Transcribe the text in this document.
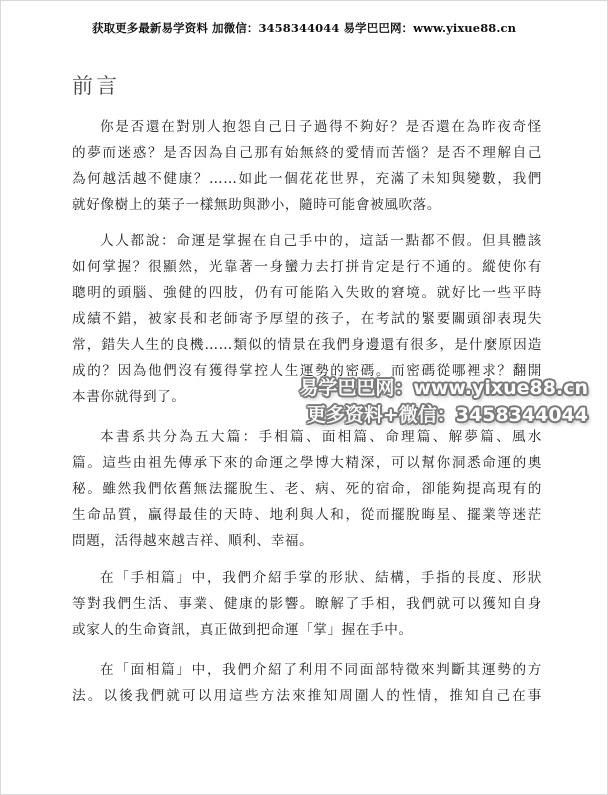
获取更多最新易学资料 加微信：3458344044 易学巴巴网：www.yixue88.cn
前言
你是否還在對別人抱怨自己日子過得不夠好？是否還在為昨夜奇怪
的夢而迷惑？是否因為自己那有始無終的愛情而苦惱？是否不理解自己
為何越活越不健康？……如此一個花花世界，充滿了未知與變數，我們
就好像樹上的葉子一樣無助與渺小，隨時可能會被風吹落。
人人都說：命運是掌握在自己手中的，這話一點都不假。但具體該
如何掌握？很顯然，光靠著一身蠻力去打拼肯定是行不通的。縱使你有
聰明的頭腦、強健的四肢，仍有可能陷入失敗的窘境。就好比一些平時
成績不錯，被家長和老師寄予厚望的孩子，在考試的緊要關頭卻表現失
常，錯失人生的良機……類似的情景在我們身邊還有很多，是什麼原因造
成的？因為他們沒有獲得掌控人生運勢的密碼。而密碼從哪裡求？翻開
本書你就得到了。
本書系共分為五大篇：手相篇、面相篇、命理篇、解夢篇、風水
篇。這些由祖先傳承下來的命運之學博大精深，可以幫你洞悉命運的奧
秘。雖然我們依舊無法擺脫生、老、病、死的宿命，卻能夠提高現有的
生命品質，贏得最佳的天時、地利與人和，從而擺脫晦星、擺業等迷茫
問題，活得越來越吉祥、順利、幸福。
在「手相篇」中，我們介紹手掌的形狀、結構，手指的長度、形狀
等對我們生活、事業、健康的影響。瞭解了手相，我們就可以獲知自身
或家人的生命資訊，真正做到把命運「掌」握在手中。
在「面相篇」中，我們介紹了利用不同面部特徵來判斷其運勢的方
法。以後我們就可以用這些方法來推知周圍人的性情，推知自己在事
易学巴巴网：www.yixue88.cn
更多资料+微信：3458344044
